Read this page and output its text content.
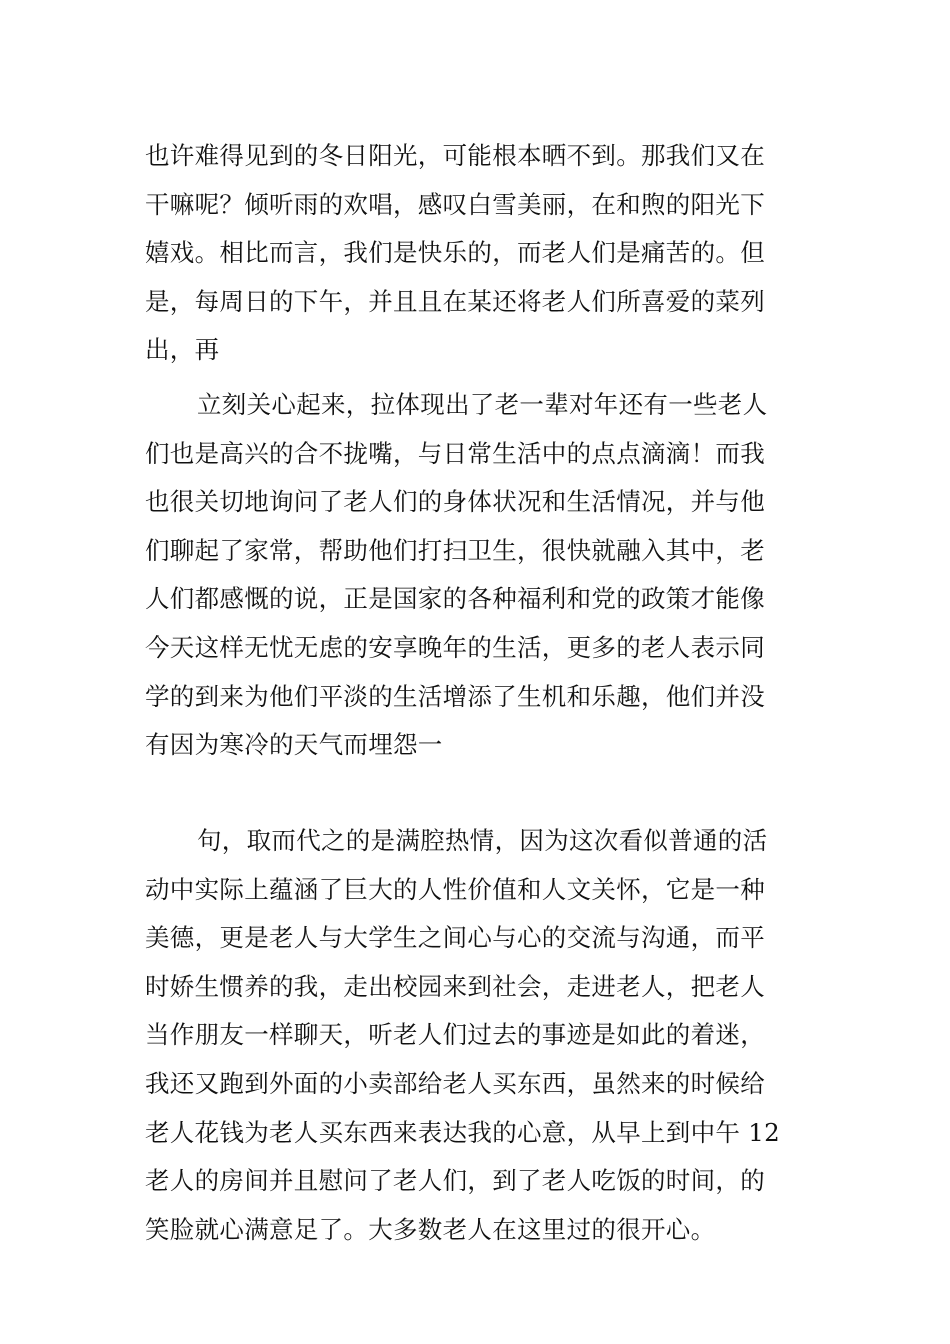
也许难得见到的冬日阳光，可能根本晒不到。那我们又在
干嘛呢？倾听雨的欢唱，感叹白雪美丽，在和煦的阳光下
嬉戏。相比而言，我们是快乐的，而老人们是痛苦的。但
是，每周日的下午，并且且在某还将老人们所喜爱的菜列
出，再
立刻关心起来，拉体现出了老一辈对年还有一些老人
们也是高兴的合不拢嘴，与日常生活中的点点滴滴！而我
也很关切地询问了老人们的身体状况和生活情况，并与他
们聊起了家常，帮助他们打扫卫生，很快就融入其中，老
人们都感慨的说，正是国家的各种福利和党的政策才能像
今天这样无忧无虑的安享晚年的生活，更多的老人表示同
学的到来为他们平淡的生活增添了生机和乐趣，他们并没
有因为寒冷的天气而埋怨一
句，取而代之的是满腔热情，因为这次看似普通的活
动中实际上蕴涵了巨大的人性价值和人文关怀，它是一种
美德，更是老人与大学生之间心与心的交流与沟通，而平
时娇生惯养的我，走出校园来到社会，走进老人，把老人
当作朋友一样聊天，听老人们过去的事迹是如此的着迷，
我还又跑到外面的小卖部给老人买东西，虽然来的时候给
老人花钱为老人买东西来表达我的心意，从早上到中午 12
老人的房间并且慰问了老人们，到了老人吃饭的时间，的
笑脸就心满意足了。大多数老人在这里过的很开心。
